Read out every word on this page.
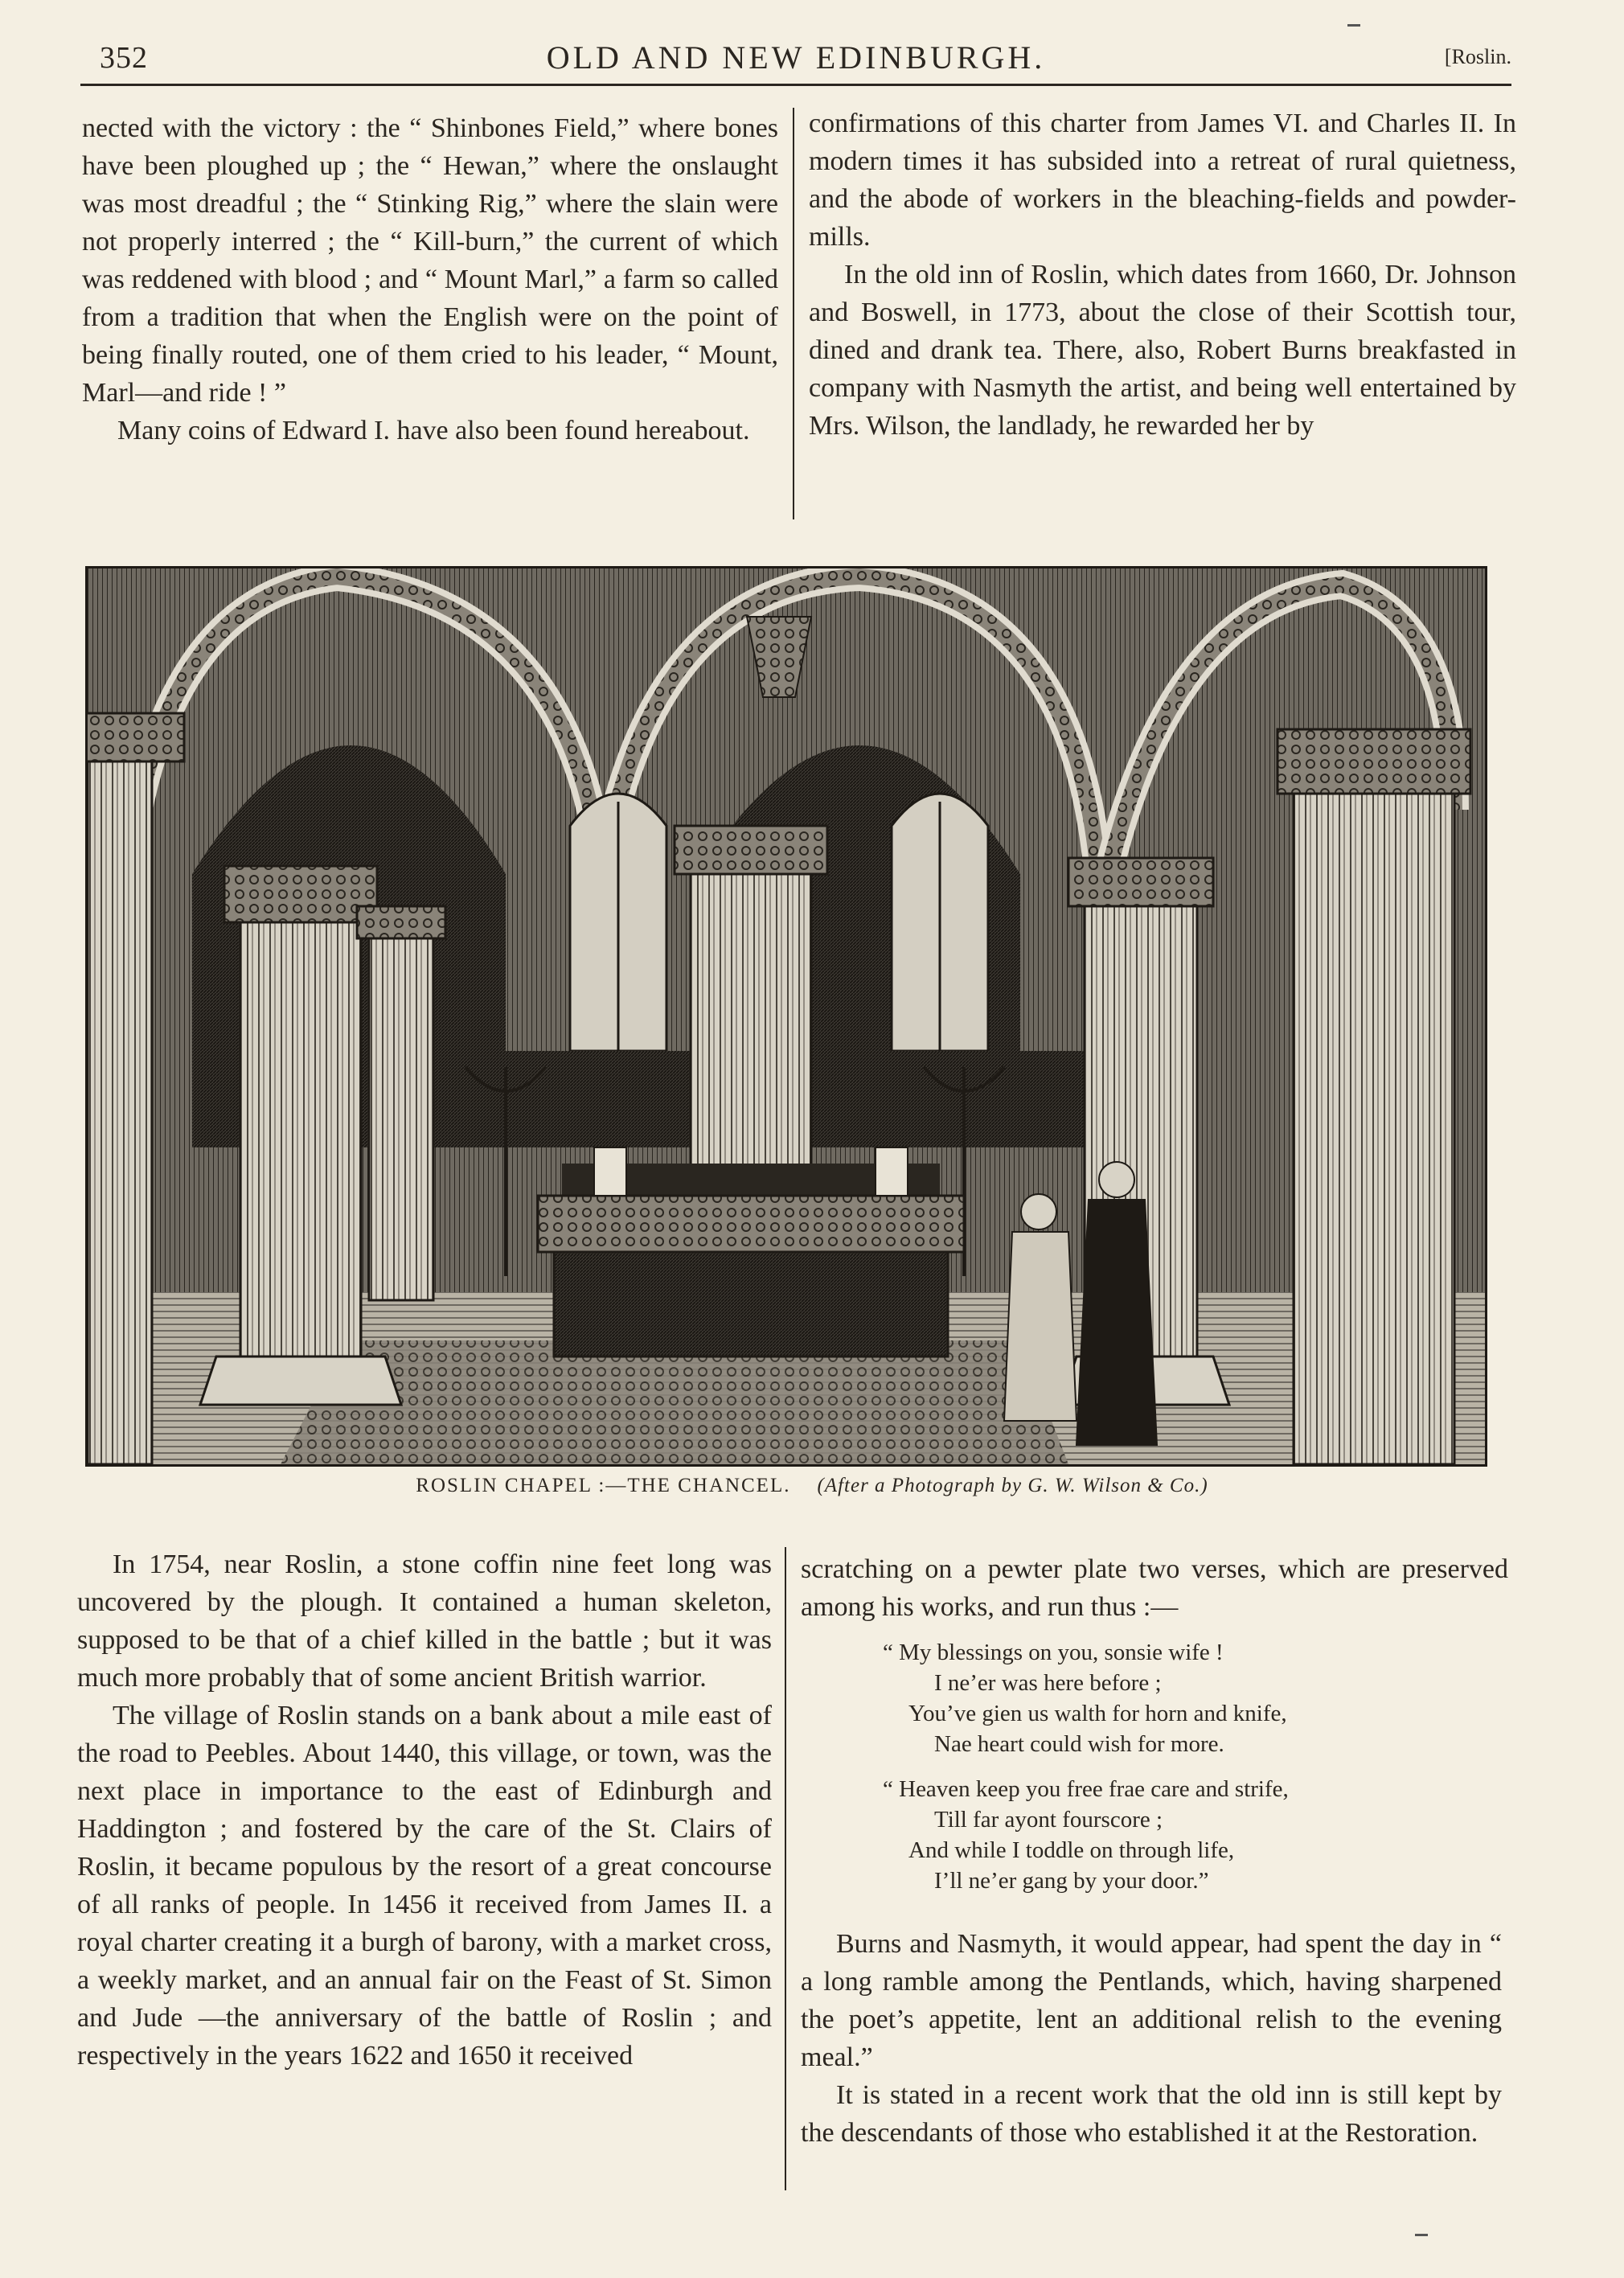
352	OLD AND NEW EDINBURGH.	[Roslin.

nected with the victory : the “ Shinbones Field,” where bones have been ploughed up ; the “ Hewan,” where the onslaught was most dreadful ; the “ Stinking Rig,” where the slain were not properly interred ; the “ Kill-burn,” the current of which was reddened with blood ; and “ Mount Marl,” a farm so called from a tradition that when the English were on the point of being finally routed, one of them cried to his leader, “ Mount, Marl—and ride ! ”

Many coins of Edward I. have also been found hereabout.

confirmations of this charter from James VI. and Charles II. In modern times it has subsided into a retreat of rural quietness, and the abode of workers in the bleaching-fields and powder-mills.

In the old inn of Roslin, which dates from 1660, Dr. Johnson and Boswell, in 1773, about the close of their Scottish tour, dined and drank tea. There, also, Robert Burns breakfasted in company with Nasmyth the artist, and being well entertained by Mrs. Wilson, the landlady, he rewarded her by

ROSLIN CHAPEL :—THE CHANCEL. (After a Photograph by G. W. Wilson & Co.)

In 1754, near Roslin, a stone coffin nine feet long was uncovered by the plough. It contained a human skeleton, supposed to be that of a chief killed in the battle ; but it was much more probably that of some ancient British warrior.

The village of Roslin stands on a bank about a mile east of the road to Peebles. About 1440, this village, or town, was the next place in importance to the east of Edinburgh and Haddington ; and fostered by the care of the St. Clairs of Roslin, it became populous by the resort of a great concourse of all ranks of people. In 1456 it received from James II. a royal charter creating it a burgh of barony, with a market cross, a weekly market, and an annual fair on the Feast of St. Simon and Jude —the anniversary of the battle of Roslin ; and respectively in the years 1622 and 1650 it received

scratching on a pewter plate two verses, which are preserved among his works, and run thus :—

“ My blessings on you, sonsie wife !
I ne’er was here before ;
You’ve gien us walth for horn and knife,
Nae heart could wish for more.
“ Heaven keep you free frae care and strife,
Till far ayont fourscore ;
And while I toddle on through life,
I’ll ne’er gang by your door.”

Burns and Nasmyth, it would appear, had spent the day in “ a long ramble among the Pentlands, which, having sharpened the poet’s appetite, lent an additional relish to the evening meal.”

It is stated in a recent work that the old inn is still kept by the descendants of those who established it at the Restoration.
